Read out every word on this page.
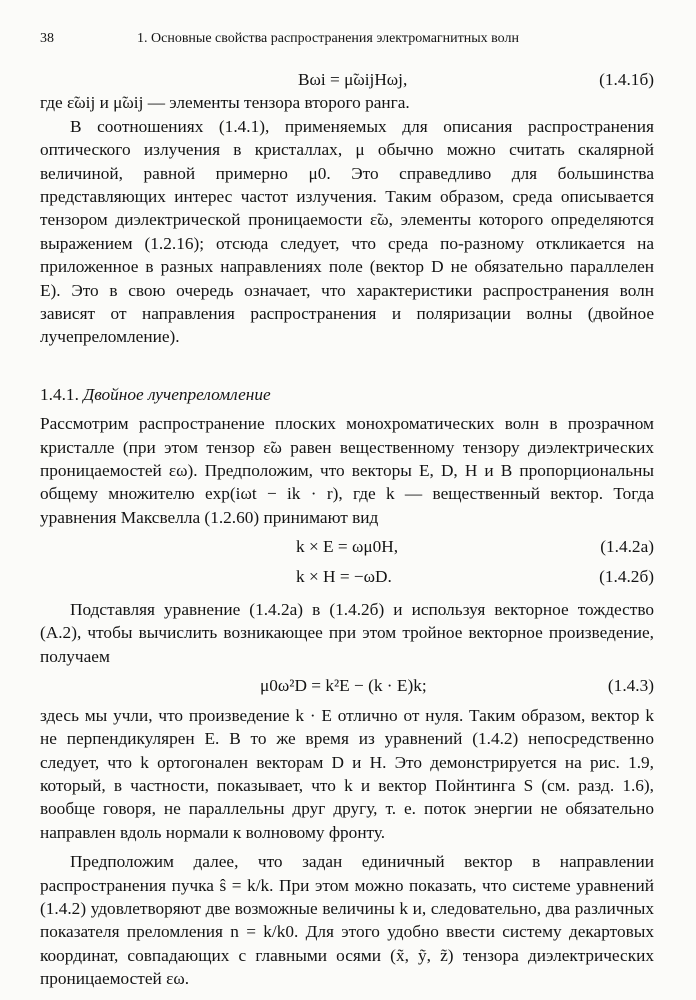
38	1. Основные свойства распространения электромагнитных волн
Bωi = μ̃ωijHωj,	(1.4.1б)

где ε̃ωij и μ̃ωij — элементы тензора второго ранга.

В соотношениях (1.4.1), применяемых для описания распространения оптического излучения в кристаллах, μ обычно можно считать скалярной величиной, равной примерно μ0. Это справедливо для большинства представляющих интерес частот излучения. Таким образом, среда описывается тензором диэлектрической проницаемости ε̃ω, элементы которого определяются выражением (1.2.16); отсюда следует, что среда по-разному откликается на приложенное в разных направлениях поле (вектор D не обязательно параллелен E). Это в свою очередь означает, что характеристики распространения волн зависят от направления распространения и поляризации волны (двойное лучепреломление).

1.4.1. Двойное лучепреломление

Рассмотрим распространение плоских монохроматических волн в прозрачном кристалле (при этом тензор ε̃ω равен вещественному тензору диэлектрических проницаемостей εω). Предположим, что векторы E, D, H и B пропорциональны общему множителю exp(iωt − ik · r), где k — вещественный вектор. Тогда уравнения Максвелла (1.2.60) принимают вид

k × E = ωμ0H,	(1.4.2a)
k × H = −ωD.	(1.4.2б)

Подставляя уравнение (1.4.2a) в (1.4.2б) и используя векторное тождество (A.2), чтобы вычислить возникающее при этом тройное векторное произведение, получаем

μ0ω²D = k²E − (k · E)k;	(1.4.3)

здесь мы учли, что произведение k · E отлично от нуля. Таким образом, вектор k не перпендикулярен E. В то же время из уравнений (1.4.2) непосредственно следует, что k ортогонален векторам D и H. Это демонстрируется на рис. 1.9, который, в частности, показывает, что k и вектор Пойнтинга S (см. разд. 1.6), вообще говоря, не параллельны друг другу, т. е. поток энергии не обязательно направлен вдоль нормали к волновому фронту.

Предположим далее, что задан единичный вектор в направлении распространения пучка ŝ = k/k. При этом можно показать, что системе уравнений (1.4.2) удовлетворяют две возможные величины k и, следовательно, два различных показателя преломления n = k/k0. Для этого удобно ввести систему декартовых координат, совпадающих с главными осями (x̃, ỹ, z̃) тензора диэлектрических проницаемостей εω.
